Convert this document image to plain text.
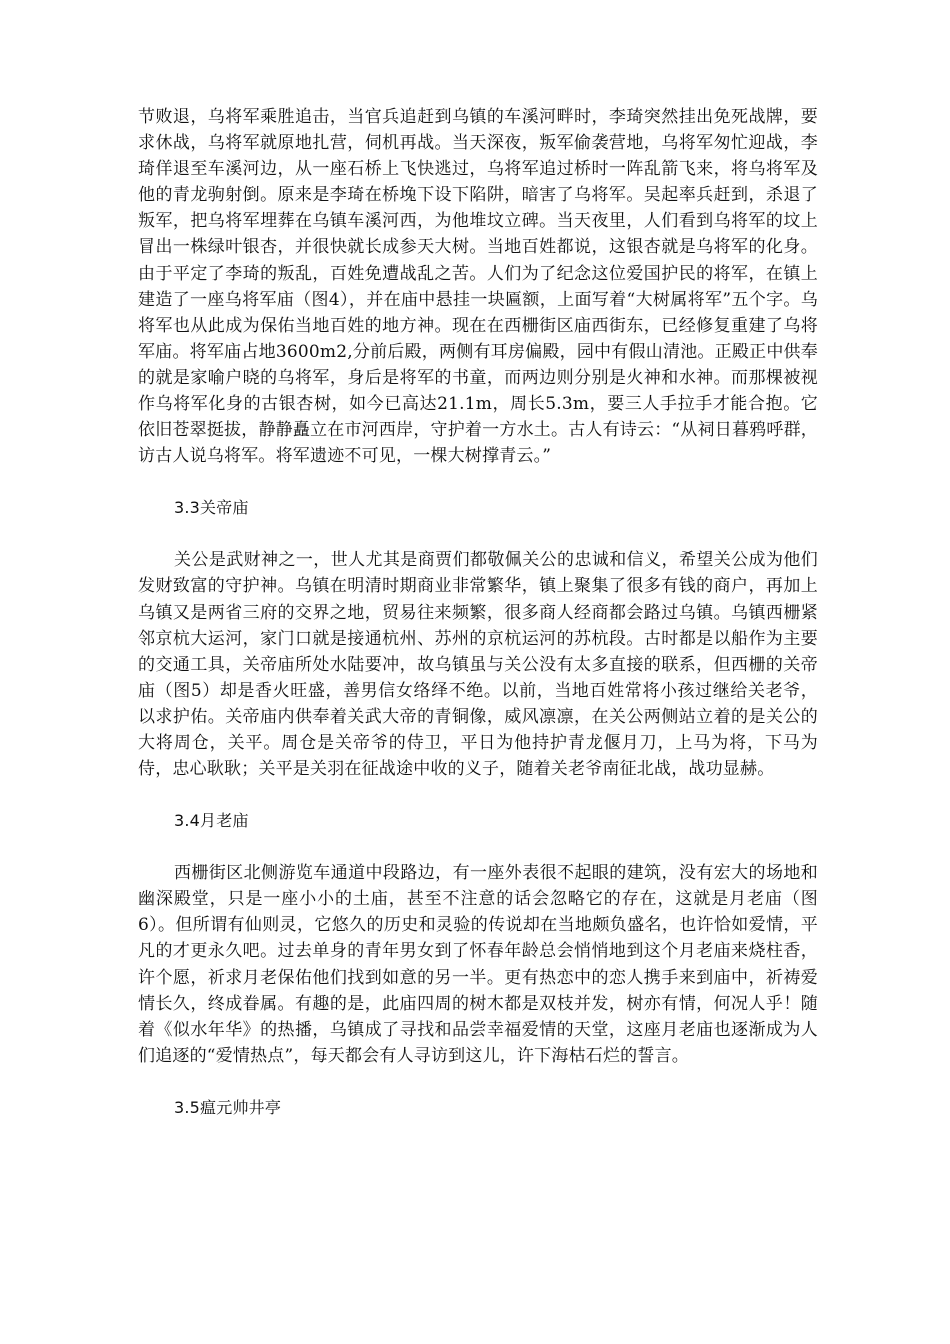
节败退，乌将军乘胜追击，当官兵追赶到乌镇的车溪河畔时，李琦突然挂出免死战牌，要求休战，乌将军就原地扎营，伺机再战。当天深夜，叛军偷袭营地，乌将军匆忙迎战，李琦佯退至车溪河边，从一座石桥上飞快逃过，乌将军追过桥时一阵乱箭飞来，将乌将军及他的青龙驹射倒。原来是李琦在桥堍下设下陷阱，暗害了乌将军。吴起率兵赶到，杀退了叛军，把乌将军埋葬在乌镇车溪河西，为他堆坟立碑。当天夜里，人们看到乌将军的坟上冒出一株绿叶银杏，并很快就长成参天大树。当地百姓都说，这银杏就是乌将军的化身。由于平定了李琦的叛乱，百姓免遭战乱之苦。人们为了纪念这位爱国护民的将军，在镇上建造了一座乌将军庙（图4），并在庙中悬挂一块匾额，上面写着“大树属将军”五个字。乌将军也从此成为保佑当地百姓的地方神。现在在西栅街区庙西街东，已经修复重建了乌将军庙。将军庙占地3600m2,分前后殿，两侧有耳房偏殿，园中有假山清池。正殿正中供奉的就是家喻户晓的乌将军，身后是将军的书童，而两边则分别是火神和水神。而那棵被视作乌将军化身的古银杏树，如今已高达21.1m，周长5.3m，要三人手拉手才能合抱。它依旧苍翠挺拔，静静矗立在市河西岸，守护着一方水土。古人有诗云：“从祠日暮鸦呼群，访古人说乌将军。将军遗迹不可见，一棵大树撑青云。”

3.3关帝庙

关公是武财神之一，世人尤其是商贾们都敬佩关公的忠诚和信义，希望关公成为他们发财致富的守护神。乌镇在明清时期商业非常繁华，镇上聚集了很多有钱的商户，再加上乌镇又是两省三府的交界之地，贸易往来频繁，很多商人经商都会路过乌镇。乌镇西栅紧邻京杭大运河，家门口就是接通杭州、苏州的京杭运河的苏杭段。古时都是以船作为主要的交通工具，关帝庙所处水陆要冲，故乌镇虽与关公没有太多直接的联系，但西栅的关帝庙（图5）却是香火旺盛，善男信女络绎不绝。以前，当地百姓常将小孩过继给关老爷，以求护佑。关帝庙内供奉着关武大帝的青铜像，威风凛凛，在关公两侧站立着的是关公的大将周仓，关平。周仓是关帝爷的侍卫，平日为他持护青龙偃月刀，上马为将，下马为侍，忠心耿耿；关平是关羽在征战途中收的义子，随着关老爷南征北战，战功显赫。

3.4月老庙

西栅街区北侧游览车通道中段路边，有一座外表很不起眼的建筑，没有宏大的场地和幽深殿堂，只是一座小小的土庙，甚至不注意的话会忽略它的存在，这就是月老庙（图6）。但所谓有仙则灵，它悠久的历史和灵验的传说却在当地颇负盛名，也许恰如爱情，平凡的才更永久吧。过去单身的青年男女到了怀春年龄总会悄悄地到这个月老庙来烧柱香，许个愿，祈求月老保佑他们找到如意的另一半。更有热恋中的恋人携手来到庙中，祈祷爱情长久，终成眷属。有趣的是，此庙四周的树木都是双枝并发，树亦有情，何况人乎！随着《似水年华》的热播，乌镇成了寻找和品尝幸福爱情的天堂，这座月老庙也逐渐成为人们追逐的“爱情热点”，每天都会有人寻访到这儿，许下海枯石烂的誓言。

3.5瘟元帅井亭
